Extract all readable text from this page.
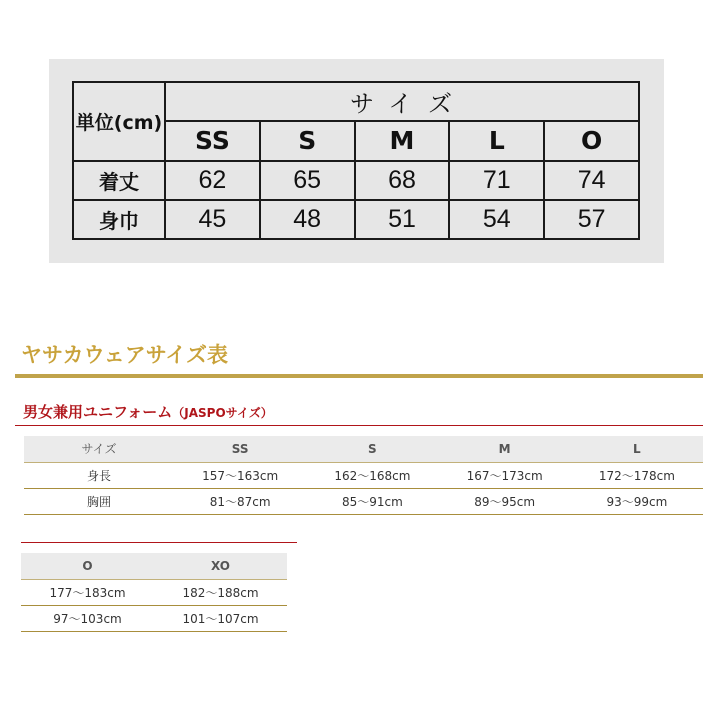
単位(cm)	サイズ				
	SS	S	M	L	O
着丈	62	65	68	71	74
身巾	45	48	51	54	57
ヤサカウェアサイズ表
男女兼用ユニフォーム（JASPOサイズ）
サイズ	SS	S	M	L
身長	157～163cm	162～168cm	167～173cm	172～178cm
胸囲	81～87cm	85～91cm	89～95cm	93～99cm
O	XO
177～183cm	182～188cm
97～103cm	101～107cm
